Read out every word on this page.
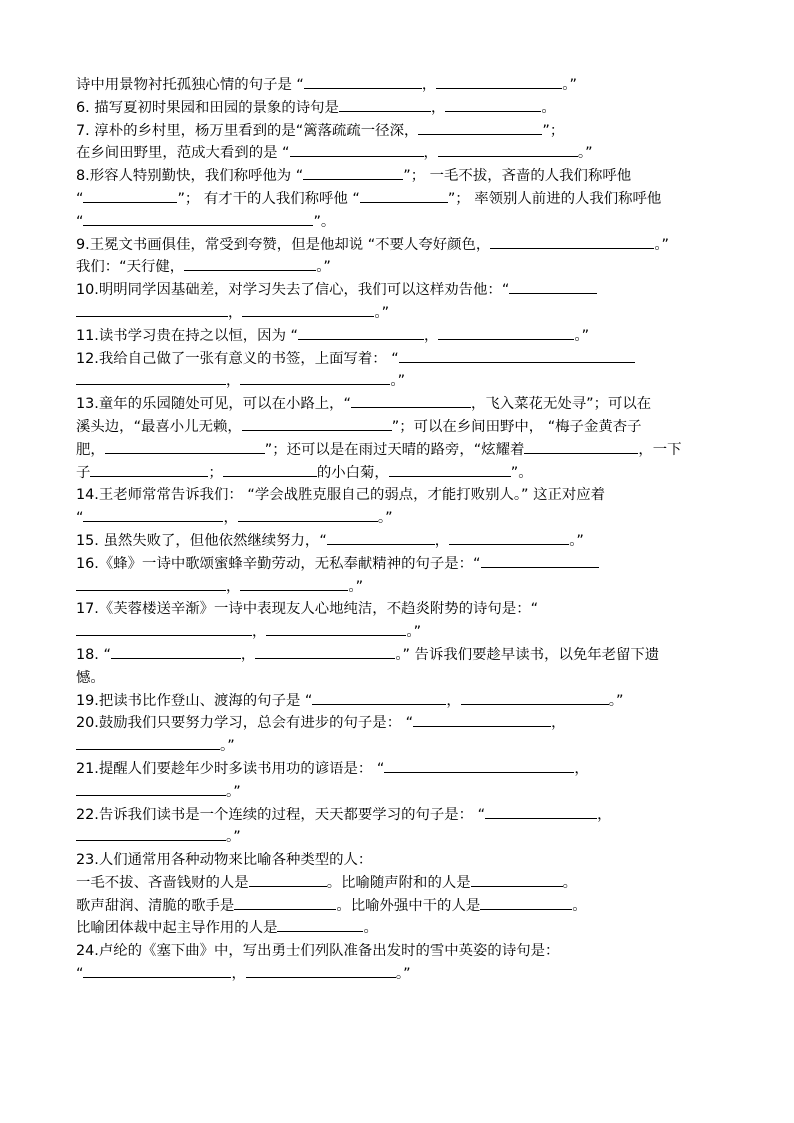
诗中用景物衬托孤独心情的句子是 “	，	。”
6. 描写夏初时果园和田园的景象的诗句是	，	。
7. 淳朴的乡村里，杨万里看到的是“篱落疏疏一径深，	”；
在乡间田野里，范成大看到的是 “	，	。”
8.形容人特别勤快，我们称呼他为 “	”； 一毛不拔，吝啬的人我们称呼他
“	”； 有才干的人我们称呼他 “	”； 率领别人前进的人我们称呼他
“	”。
9.王冕文书画俱佳，常受到夸赞，但是他却说 “不要人夸好颜色，	。”
我们：“天行健，	。”
10.明明同学因基础差，对学习失去了信心，我们可以这样劝告他：“
，	。”
11.读书学习贵在持之以恒，因为 “	，	。”
12.我给自己做了一张有意义的书签，上面写着： “
，	。”
13.童年的乐园随处可见，可以在小路上，“	，飞入菜花无处寻”；可以在
溪头边，“最喜小儿无赖，	”；可以在乡间田野中， “梅子金黄杏子
肥，	”；还可以是在雨过天晴的路旁，“炫耀着	，一下
子	；	的小白菊，	”。
14.王老师常常告诉我们： “学会战胜克服自己的弱点，才能打败别人。” 这正对应着
“	，	。”
15. 虽然失败了，但他依然继续努力，“	，	。”
16.《蜂》一诗中歌颂蜜蜂辛勤劳动，无私奉献精神的句子是：“
，	。”
17.《芙蓉楼送辛渐》一诗中表现友人心地纯洁，不趋炎附势的诗句是：“
，	。”
18. “	，	。” 告诉我们要趁早读书，以免年老留下遗
憾。
19.把读书比作登山、渡海的句子是 “	，	。”
20.鼓励我们只要努力学习，总会有进步的句子是： “	，
。”
21.提醒人们要趁年少时多读书用功的谚语是： “	，
。”
22.告诉我们读书是一个连续的过程，天天都要学习的句子是： “	，
。”
23.人们通常用各种动物来比喻各种类型的人：
一毛不拔、吝啬钱财的人是	。比喻随声附和的人是	。
歌声甜润、清脆的歌手是	。比喻外强中干的人是	。
比喻团体裁中起主导作用的人是	。
24.卢纶的《塞下曲》中，写出勇士们列队准备出发时的雪中英姿的诗句是：
“	，	。”
